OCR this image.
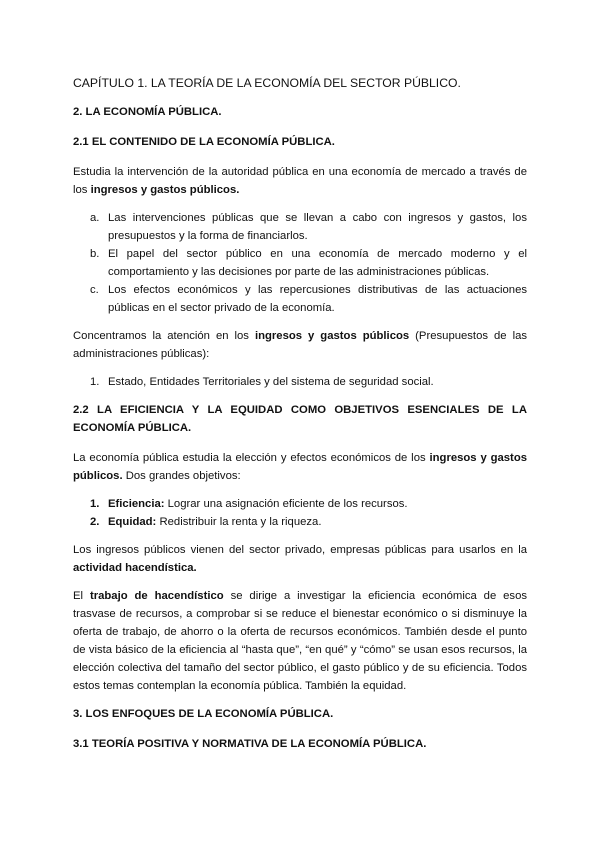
CAPÍTULO 1. LA TEORÍA DE LA ECONOMÍA DEL SECTOR PÚBLICO.

2. LA ECONOMÍA PÚBLICA.

2.1 EL CONTENIDO DE LA ECONOMÍA PÚBLICA.

Estudia la intervención de la autoridad pública en una economía de mercado a través de los ingresos y gastos públicos.

a. Las intervenciones públicas que se llevan a cabo con ingresos y gastos, los presupuestos y la forma de financiarlos.
b. El papel del sector público en una economía de mercado moderno y el comportamiento y las decisiones por parte de las administraciones públicas.
c. Los efectos económicos y las repercusiones distributivas de las actuaciones públicas en el sector privado de la economía.

Concentramos la atención en los ingresos y gastos públicos (Presupuestos de las administraciones públicas):

1. Estado, Entidades Territoriales y del sistema de seguridad social.

2.2 LA EFICIENCIA Y LA EQUIDAD COMO OBJETIVOS ESENCIALES DE LA ECONOMÍA PÚBLICA.

La economía pública estudia la elección y efectos económicos de los ingresos y gastos públicos. Dos grandes objetivos:

1. Eficiencia: Lograr una asignación eficiente de los recursos.
2. Equidad: Redistribuir la renta y la riqueza.

Los ingresos públicos vienen del sector privado, empresas públicas para usarlos en la actividad hacendística.

El trabajo de hacendístico se dirige a investigar la eficiencia económica de esos trasvase de recursos, a comprobar si se reduce el bienestar económico o si disminuye la oferta de trabajo, de ahorro o la oferta de recursos económicos. También desde el punto de vista básico de la eficiencia al “hasta que”, “en qué” y “cómo” se usan esos recursos, la elección colectiva del tamaño del sector público, el gasto público y de su eficiencia. Todos estos temas contemplan la economía pública. También la equidad.

3. LOS ENFOQUES DE LA ECONOMÍA PÚBLICA.

3.1 TEORÍA POSITIVA Y NORMATIVA DE LA ECONOMÍA PÚBLICA.
